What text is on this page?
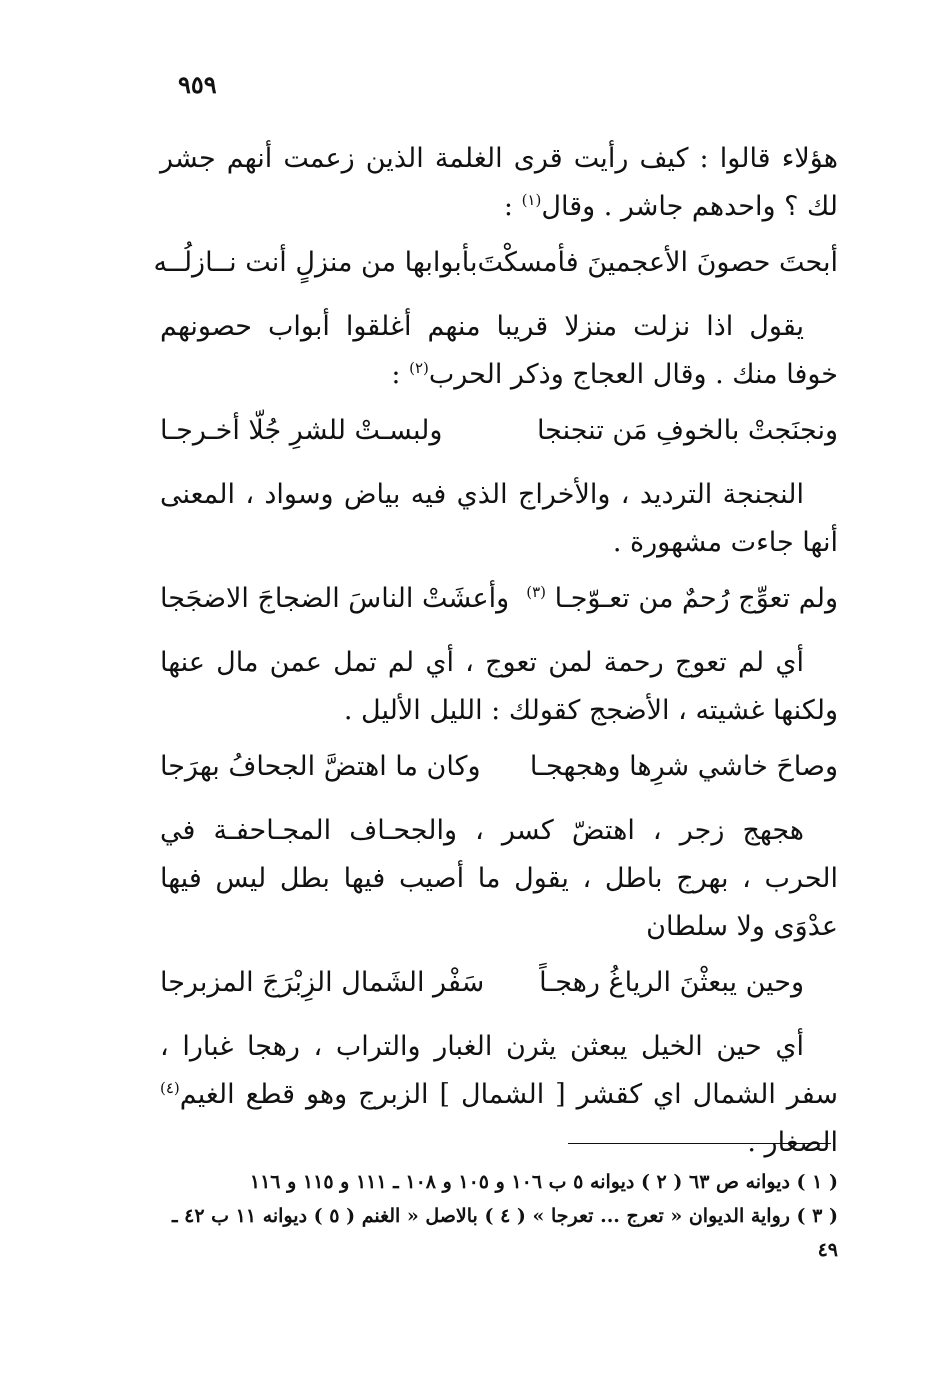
٩٥٩

هؤلاء قالوا : كيف رأيت قرى الغلمة الذين زعمت أنهم جشر لك ؟ واحدهم جاشر . وقال$^{(١)}$ :

أبحتَ حصونَ الأعجمينَ فأمسكْتَ
بأبوابها من منزلٍ أنت نــازلُــه

يقول اذا نزلت منزلا قريبا منهم أغلقوا أبواب حصونهم خوفا منك . وقال العجاج وذكر الحرب$^{(٢)}$ :

ونجنَجتْ بالخوفِ مَن تنجنجا
ولبسـتْ للشرِ جُلّا أخـرجـا

النجنجة الترديد ، والأخراج الذي فيه بياض وسواد ، المعنى أنها جاءت مشهورة .

ولم تعوِّج رُحمٌ من تعـوّجـا $^{(٣)}$
وأعشَتْ الناسَ الضجاجَ الاضجَجا

أي لم تعوج رحمة لمن تعوج ، أي لم تمل عمن مال عنها ولكنها غشيته ، الأضجج كقولك : الليل الأليل .

وصاحَ خاشي شرِها وهجهجـا
وكان ما اهتضَّ الجحافُ بهرَجا

هجهج زجر ، اهتضّ كسر ، والجحـاف المجـاحفـة في الحرب ، بهرج باطل ، يقول ما أصيب فيها بطل ليس فيها عدْوَى ولا سلطان

وحين يبعثْنَ الرياغُ رهجـاً
سَفْر الشَمال الزِبْرَجَ المزبرجا

أي حين الخيل يبعثن يثرن الغبار والتراب ، رهجا غبارا ، سفر الشمال اي كقشر [ الشمال ] الزبرج وهو قطع الغيم$^{(٤)}$ الصغار .

( ١ ) ديوانه ص ٦٣ ( ٢ ) ديوانه ٥ ب ١٠٦ و ١٠٥ و ١٠٨ ـ ١١١ و ١١٥ و ١١٦

( ٣ ) رواية الديوان « تعرج ... تعرجا » ( ٤ ) بالاصل « الغنم ( ٥ ) ديوانه ١١ ب ٤٢ ـ

٤٩
